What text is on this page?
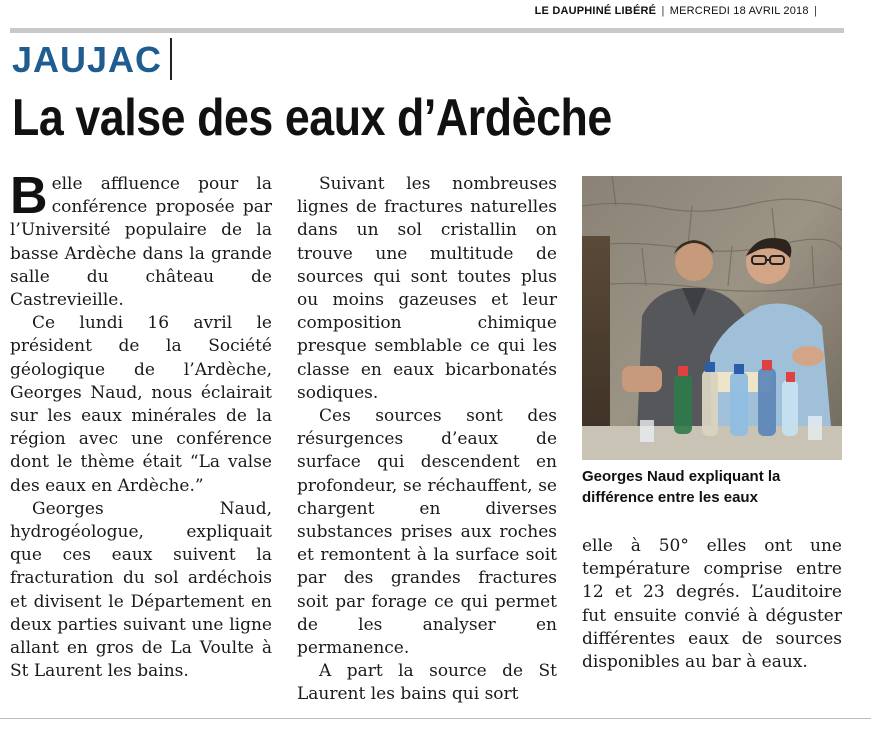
LE DAUPHINÉ LIBÉRÉ | MERCREDI 18 AVRIL 2018 |
JAUJAC
La valse des eaux d’Ardèche

Belle affluence pour la conférence proposée par l’Université populaire de la basse Ardèche dans la grande salle du château de Castrevieille.

Ce lundi 16 avril le président de la Société géologique de l’Ardèche, Georges Naud, nous éclairait sur les eaux minérales de la région avec une conférence dont le thème était “La valse des eaux en Ardèche.”

Georges Naud, hydrogéologue, expliquait que ces eaux suivent la fracturation du sol ardéchois et divisent le Département en deux parties suivant une ligne allant en gros de La Voulte à St Laurent les bains.

Suivant les nombreuses lignes de fractures naturelles dans un sol cristallin on trouve une multitude de sources qui sont toutes plus ou moins gazeuses et leur composition chimique presque semblable ce qui les classe en eaux bicarbonatés sodiques.

Ces sources sont des résurgences d’eaux de surface qui descendent en profondeur, se réchauffent, se chargent en diverses substances prises aux roches et remontent à la surface soit par des grandes fractures soit par forage ce qui permet de les analyser en permanence.

A part la source de St Laurent les bains qui sort

Georges Naud expliquant la différence entre les eaux

elle à 50° elles ont une température comprise entre 12 et 23 degrés. L’auditoire fut ensuite convié à déguster différentes eaux de sources disponibles au bar à eaux.
